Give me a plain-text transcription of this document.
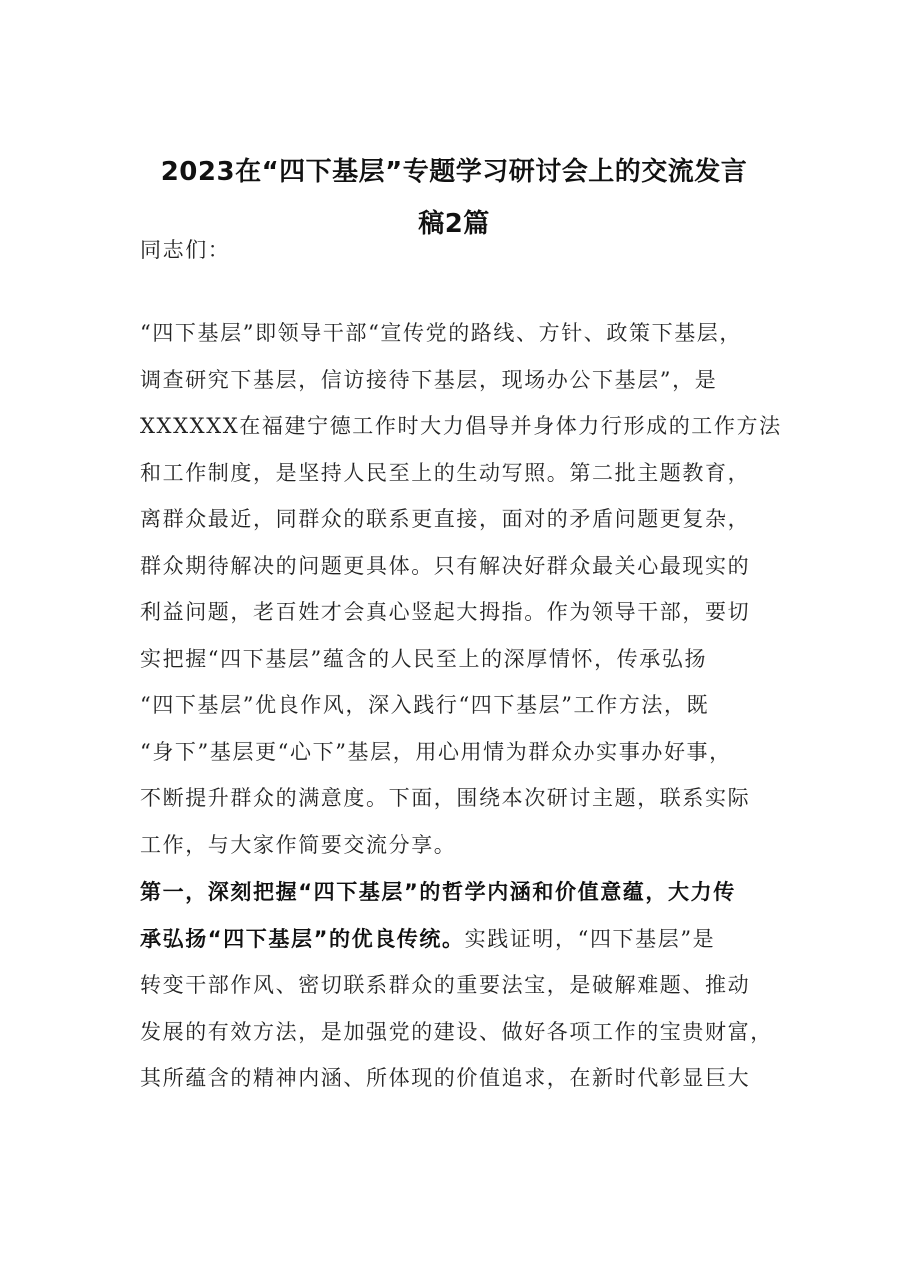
2023在“四下基层”专题学习研讨会上的交流发言
稿2篇
同志们：
“四下基层”即领导干部“宣传党的路线、方针、政策下基层，
调查研究下基层，信访接待下基层，现场办公下基层”，是
XXXXXX在福建宁德工作时大力倡导并身体力行形成的工作方法
和工作制度，是坚持人民至上的生动写照。第二批主题教育，
离群众最近，同群众的联系更直接，面对的矛盾问题更复杂，
群众期待解决的问题更具体。只有解决好群众最关心最现实的
利益问题，老百姓才会真心竖起大拇指。作为领导干部，要切
实把握“四下基层”蕴含的人民至上的深厚情怀，传承弘扬
“四下基层”优良作风，深入践行“四下基层”工作方法，既
“身下”基层更“心下”基层，用心用情为群众办实事办好事，
不断提升群众的满意度。下面，围绕本次研讨主题，联系实际
工作，与大家作简要交流分享。
第一，深刻把握“四下基层”的哲学内涵和价值意蕴，大力传
承弘扬“四下基层”的优良传统。实践证明，“四下基层”是
转变干部作风、密切联系群众的重要法宝，是破解难题、推动
发展的有效方法，是加强党的建设、做好各项工作的宝贵财富，
其所蕴含的精神内涵、所体现的价值追求，在新时代彰显巨大
